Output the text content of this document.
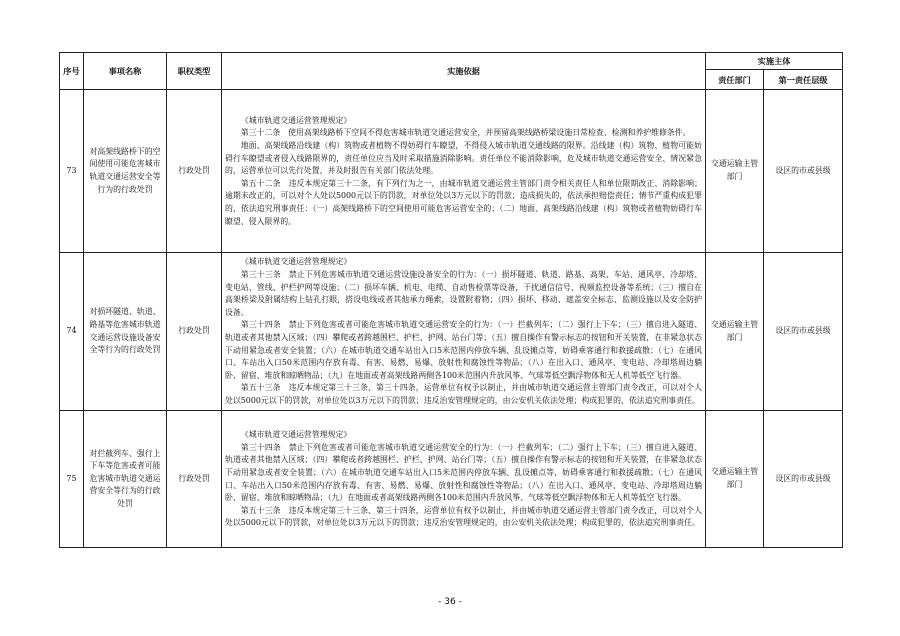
序号	事项名称	职权类型	实施依据	实施主体	
				责任部门	第一责任层级
73	对高架线路桥下的空间使用可能危害城市轨道交通运营安全等行为的行政处罚	行政处罚	《城市轨道交通运营管理规定》

第三十二条　使用高架线路桥下空间不得危害城市轨道交通运营安全，并预留高架线路桥梁设施日常检查、检测和养护维修条件。

地面、高架线路沿线建（构）筑物或者植物不得妨碍行车瞭望，不得侵入城市轨道交通线路的限界。沿线建（构）筑物、植物可能妨碍行车瞭望或者侵入线路限界的，责任单位应当及时采取措施消除影响。责任单位不能消除影响，危及城市轨道交通运营安全、情况紧急的，运营单位可以先行处置，并及时报告有关部门依法处理。

第五十二条　违反本规定第三十二条，有下列行为之一，由城市轨道交通运营主管部门责令相关责任人和单位限期改正、消除影响；逾期未改正的，可以对个人处以5000元以下的罚款，对单位处以3万元以下的罚款；造成损失的，依法承担赔偿责任；情节严重构成犯罪的，依法追究刑事责任：（一）高架线路桥下的空间使用可能危害运营安全的；（二）地面、高架线路沿线建（构）筑物或者植物妨碍行车瞭望、侵入限界的。	交通运输主管部门	设区的市或县级
74	对损坏隧道、轨道、路基等危害城市轨道交通运营设施设备安全等行为的行政处罚	行政处罚	《城市轨道交通运营管理规定》

第三十三条　禁止下列危害城市轨道交通运营设施设备安全的行为：（一）损坏隧道、轨道、路基、高架、车站、通风亭、冷却塔、变电站、管线、护栏护网等设施；（二）损坏车辆、机电、电缆、自动售检票等设备，干扰通信信号、视频监控设备等系统；（三）擅自在高架桥梁及附属结构上钻孔打眼，搭设电线或者其他承力绳索，设置附着物；（四）损坏、移动、遮盖安全标志、监测设施以及安全防护设备。

第三十四条　禁止下列危害或者可能危害城市轨道交通运营安全的行为：（一）拦截列车；（二）强行上下车；（三）擅自进入隧道、轨道或者其他禁入区域；（四）攀爬或者跨越围栏、护栏、护网、站台门等；（五）擅自操作有警示标志的按钮和开关装置，在非紧急状态下动用紧急或者安全装置；（六）在城市轨道交通车站出入口5米范围内停放车辆、乱设摊点等，妨碍乘客通行和救援疏散；（七）在通风口、车站出入口50米范围内存放有毒、有害、易燃、易爆、放射性和腐蚀性等物品；（八）在出入口、通风亭、变电站、冷却塔周边躺卧、留宿、堆放和晾晒物品；（九）在地面或者高架线路两侧各100米范围内升放风筝、气球等低空飘浮物体和无人机等低空飞行器。

第五十三条　违反本规定第三十三条、第三十四条，运营单位有权予以制止，并由城市轨道交通运营主管部门责令改正，可以对个人处以5000元以下的罚款，对单位处以3万元以下的罚款；违反治安管理规定的，由公安机关依法处理；构成犯罪的，依法追究刑事责任。	交通运输主管部门	设区的市或县级
75	对拦截列车、强行上下车等危害或者可能危害城市轨道交通运营安全等行为的行政处罚	行政处罚	《城市轨道交通运营管理规定》

第三十四条　禁止下列危害或者可能危害城市轨道交通运营安全的行为：（一）拦截列车；（二）强行上下车；（三）擅自进入隧道、轨道或者其他禁入区域；（四）攀爬或者跨越围栏、护栏、护网、站台门等；（五）擅自操作有警示标志的按钮和开关装置，在非紧急状态下动用紧急或者安全装置；（六）在城市轨道交通车站出入口5米范围内停放车辆、乱设摊点等，妨碍乘客通行和救援疏散；（七）在通风口、车站出入口50米范围内存放有毒、有害、易燃、易爆、放射性和腐蚀性等物品；（八）在出入口、通风亭、变电站、冷却塔周边躺卧、留宿、堆放和晾晒物品；（九）在地面或者高架线路两侧各100米范围内升放风筝、气球等低空飘浮物体和无人机等低空飞行器。

第五十三条　违反本规定第三十三条、第三十四条，运营单位有权予以制止，并由城市轨道交通运营主管部门责令改正，可以对个人处以5000元以下的罚款，对单位处以3万元以下的罚款；违反治安管理规定的，由公安机关依法处理；构成犯罪的，依法追究刑事责任。	交通运输主管部门	设区的市或县级
- 36 -
